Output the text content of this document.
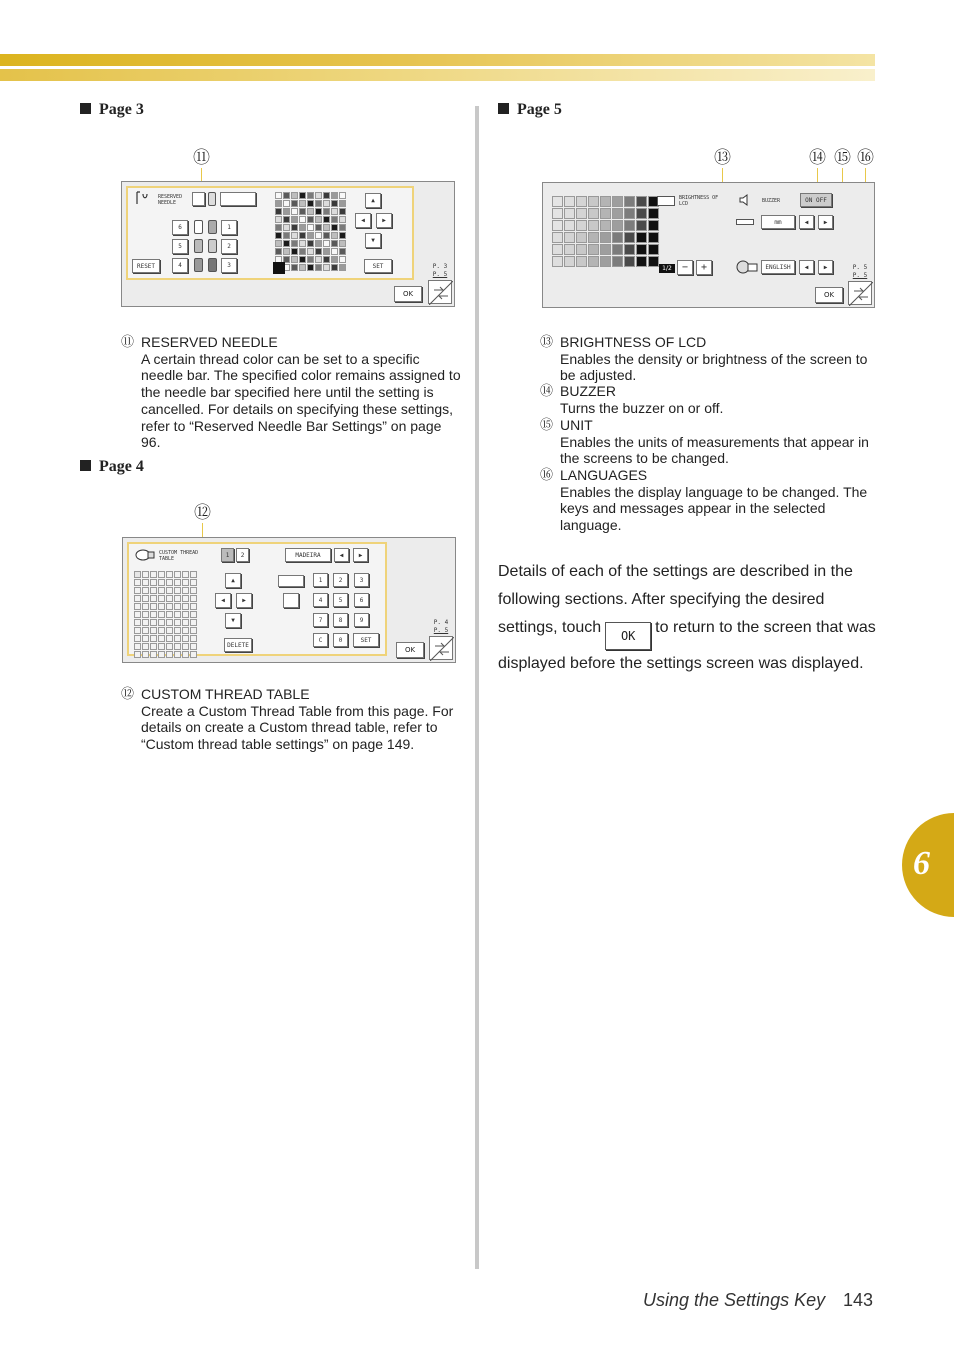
Page 3	Page 5
Page 4
⑪
RESERVED NEEDLE
6
5
4
1
2
3
RESET
▲
◀	▶
▼
SET	P. 3
P. 5
OK
⑪ RESERVED NEEDLE
A certain thread color can be set to a specific needle bar. The specified color remains assigned to the needle bar specified here until the setting is cancelled. For details on specifying these settings, refer to “Reserved Needle Bar Settings” on page 96.
⑫
CUSTOM THREAD TABLE	1	2
▲
◀	▶
▼
DELETE
MADEIRA	◀	▶
1	2	3
4	5	6
7	8	9
C	0	SET
P. 4
P. 5
OK
⑫ CUSTOM THREAD TABLE
Create a Custom Thread Table from this page. For details on create a Custom thread table, refer to “Custom thread table settings” on page 149.
⑬	⑭ ⑮ ⑯
BRIGHTNESS OF LCD
1/2	−	+
BUZZER	ON OFF
mm	◀	▶
ENGLISH	◀	▶	P. 5
P. 5
OK
⑬ BRIGHTNESS OF LCD
Enables the density or brightness of the screen to be adjusted.
⑭ BUZZER
Turns the buzzer on or off.
⑮ UNIT
Enables the units of measurements that appear in the screens to be changed.
⑯ LANGUAGES
Enables the display language to be changed. The keys and messages appear in the selected language.
Details of each of the settings are described in the following sections. After specifying the desired settings, touch OK to return to the screen that was displayed before the settings screen was displayed.
6
Using the Settings Key 143
